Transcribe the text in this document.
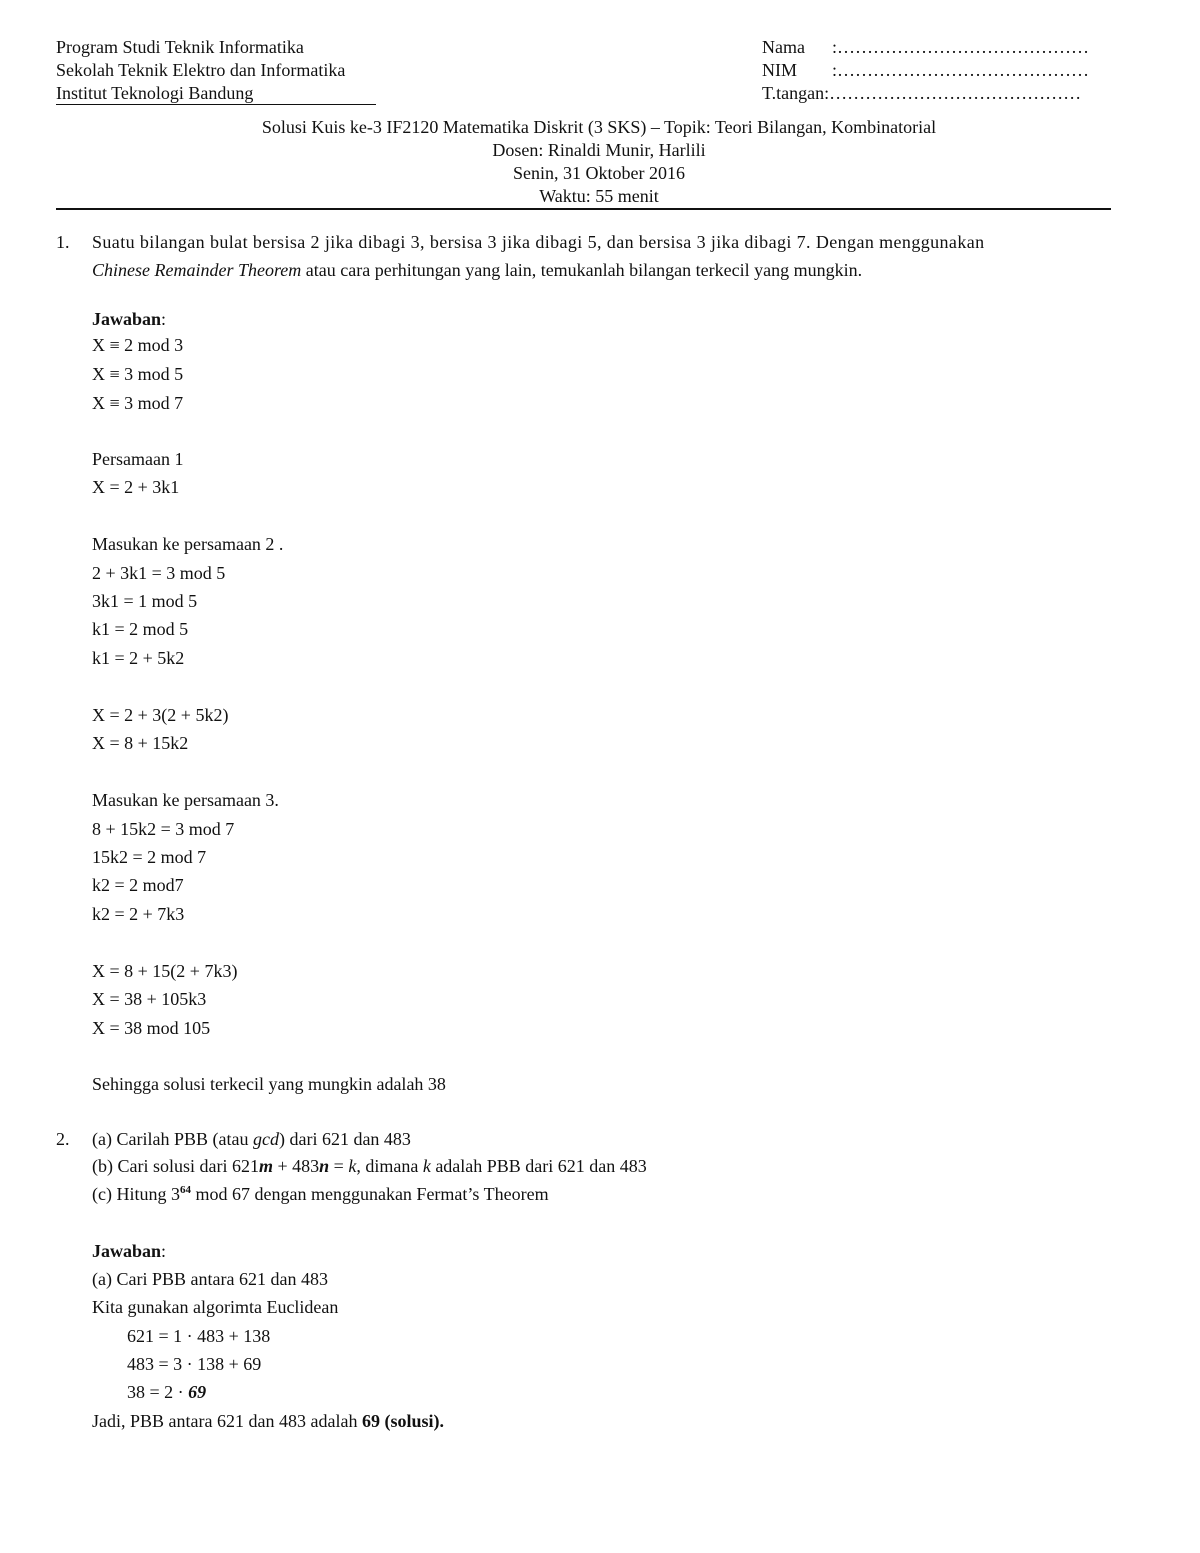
Program Studi Teknik Informatika
Sekolah Teknik Elektro dan Informatika
Institut Teknologi Bandung
Nama :……………………………………
NIM :……………………………………
T.tangan:……………………………………
Solusi Kuis ke-3 IF2120 Matematika Diskrit (3 SKS) – Topik: Teori Bilangan, Kombinatorial
Dosen: Rinaldi Munir, Harlili
Senin, 31 Oktober 2016
Waktu: 55 menit
1. Suatu bilangan bulat bersisa 2 jika dibagi 3, bersisa 3 jika dibagi 5, dan bersisa 3 jika dibagi 7. Dengan menggunakan
Chinese Remainder Theorem atau cara perhitungan yang lain, temukanlah bilangan terkecil yang mungkin.
Jawaban:
X ≡ 2 mod 3
X ≡ 3 mod 5
X ≡ 3 mod 7
Persamaan 1
X = 2 + 3k1
Masukan ke persamaan 2 .
2 + 3k1 = 3 mod 5
3k1 = 1 mod 5
k1 = 2 mod 5
k1 = 2 + 5k2
X = 2 + 3(2 + 5k2)
X = 8 + 15k2
Masukan ke persamaan 3.
8 + 15k2 = 3 mod 7
15k2 = 2 mod 7
k2 = 2 mod7
k2 = 2 + 7k3
X = 8 + 15(2 + 7k3)
X = 38 + 105k3
X = 38 mod 105
Sehingga solusi terkecil yang mungkin adalah 38
2. (a) Carilah PBB (atau gcd) dari 621 dan 483
(b) Cari solusi dari 621m + 483n = k, dimana k adalah PBB dari 621 dan 483
(c) Hitung $3^{64}$ mod 67 dengan menggunakan Fermat’s Theorem
Jawaban:
(a) Cari PBB antara 621 dan 483
Kita gunakan algorimta Euclidean
621 = 1 · 483 + 138
483 = 3 · 138 + 69
38 = 2 · 69
Jadi, PBB antara 621 dan 483 adalah 69 (solusi).
